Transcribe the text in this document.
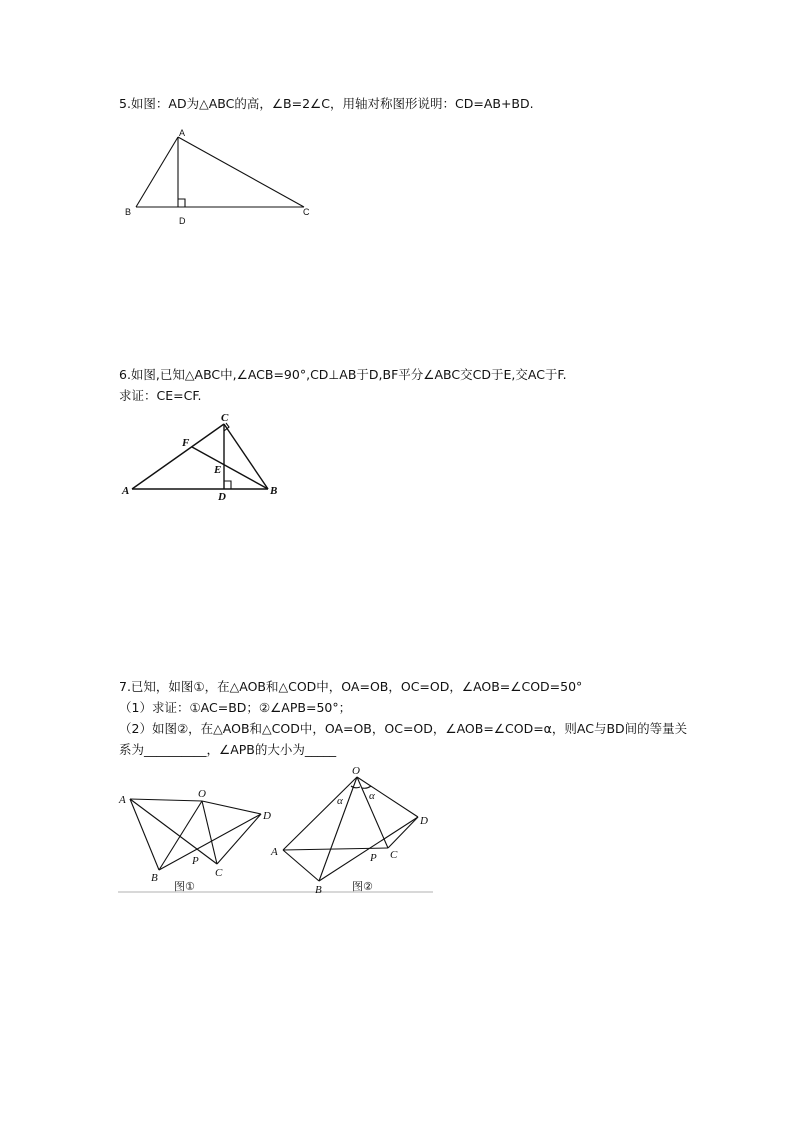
5.如图：AD为△ABC的高，∠B=2∠C，用轴对称图形说明：CD=AB+BD.
A
B	C
D
6.如图,已知△ABC中,∠ACB=90°,CD⊥AB于D,BF平分∠ABC交CD于E,交AC于F.
求证：CE=CF.
C
F
E
A	B
D
7.已知，如图①，在△AOB和△COD中，OA=OB，OC=OD，∠AOB=∠COD=50°
（1）求证：①AC=BD；②∠APB=50°；
（2）如图②，在△AOB和△COD中，OA=OB，OC=OD，∠AOB=∠COD=α，则AC与BD间的等量关
系为__________，∠APB的大小为_____
A	O
D
B	C
P
图①
O
α α
D
A	P C
B	图②
